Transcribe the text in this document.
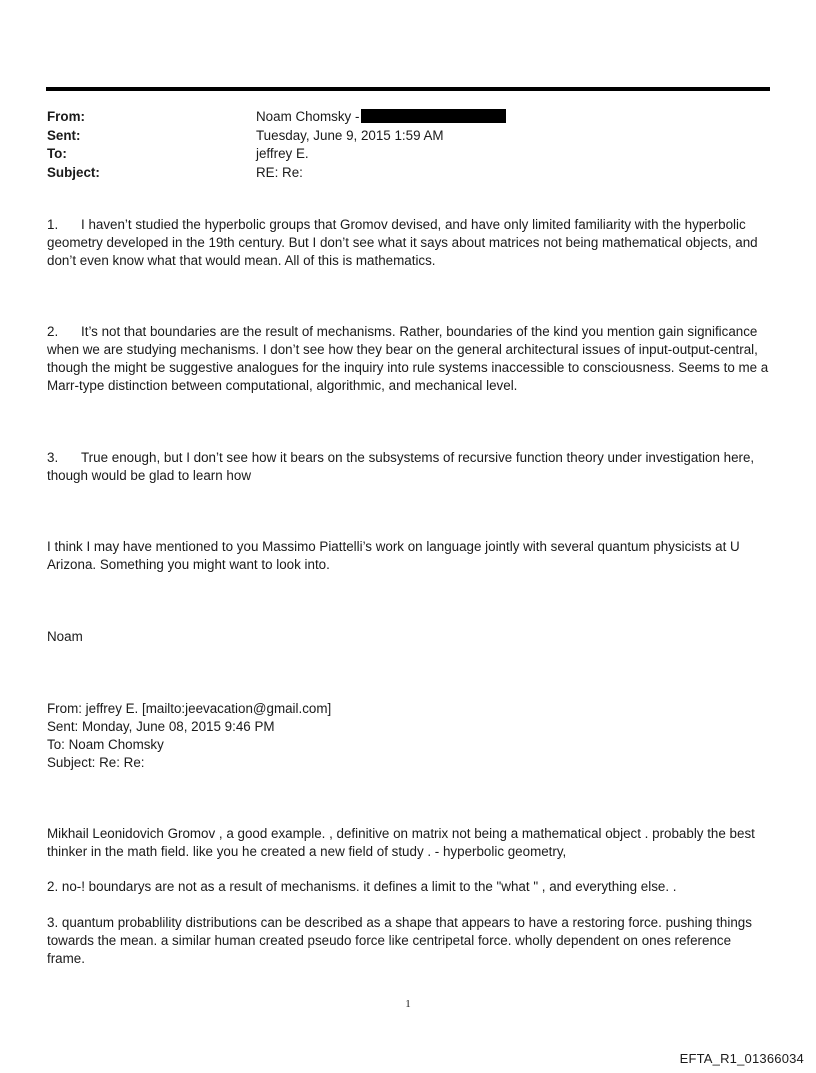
From:	Noam Chomsky -
Sent:	Tuesday, June 9, 2015 1:59 AM
To:	jeffrey E.
Subject:	RE: Re:
1. I haven’t studied the hyperbolic groups that Gromov devised, and have only limited familiarity with the hyperbolic geometry developed in the 19th century. But I don’t see what it says about matrices not being mathematical objects, and don’t even know what that would mean. All of this is mathematics.
2. It’s not that boundaries are the result of mechanisms. Rather, boundaries of the kind you mention gain significance when we are studying mechanisms. I don’t see how they bear on the general architectural issues of input-output-central, though the might be suggestive analogues for the inquiry into rule systems inaccessible to consciousness. Seems to me a Marr-type distinction between computational, algorithmic, and mechanical level.
3. True enough, but I don’t see how it bears on the subsystems of recursive function theory under investigation here, though would be glad to learn how
I think I may have mentioned to you Massimo Piattelli’s work on language jointly with several quantum physicists at U Arizona. Something you might want to look into.
Noam
From: jeffrey E. [mailto:jeevacation@gmail.com]
Sent: Monday, June 08, 2015 9:46 PM
To: Noam Chomsky
Subject: Re: Re:
Mikhail Leonidovich Gromov , a good example. , definitive on matrix not being a mathematical object . probably the best thinker in the math field. like you he created a new field of study . - hyperbolic geometry,
2. no-! boundarys are not as a result of mechanisms. it defines a limit to the "what " , and everything else. .
3. quantum probablility distributions can be described as a shape that appears to have a restoring force. pushing things towards the mean. a similar human created pseudo force like centripetal force. wholly dependent on ones reference frame.
1
EFTA_R1_01366034
